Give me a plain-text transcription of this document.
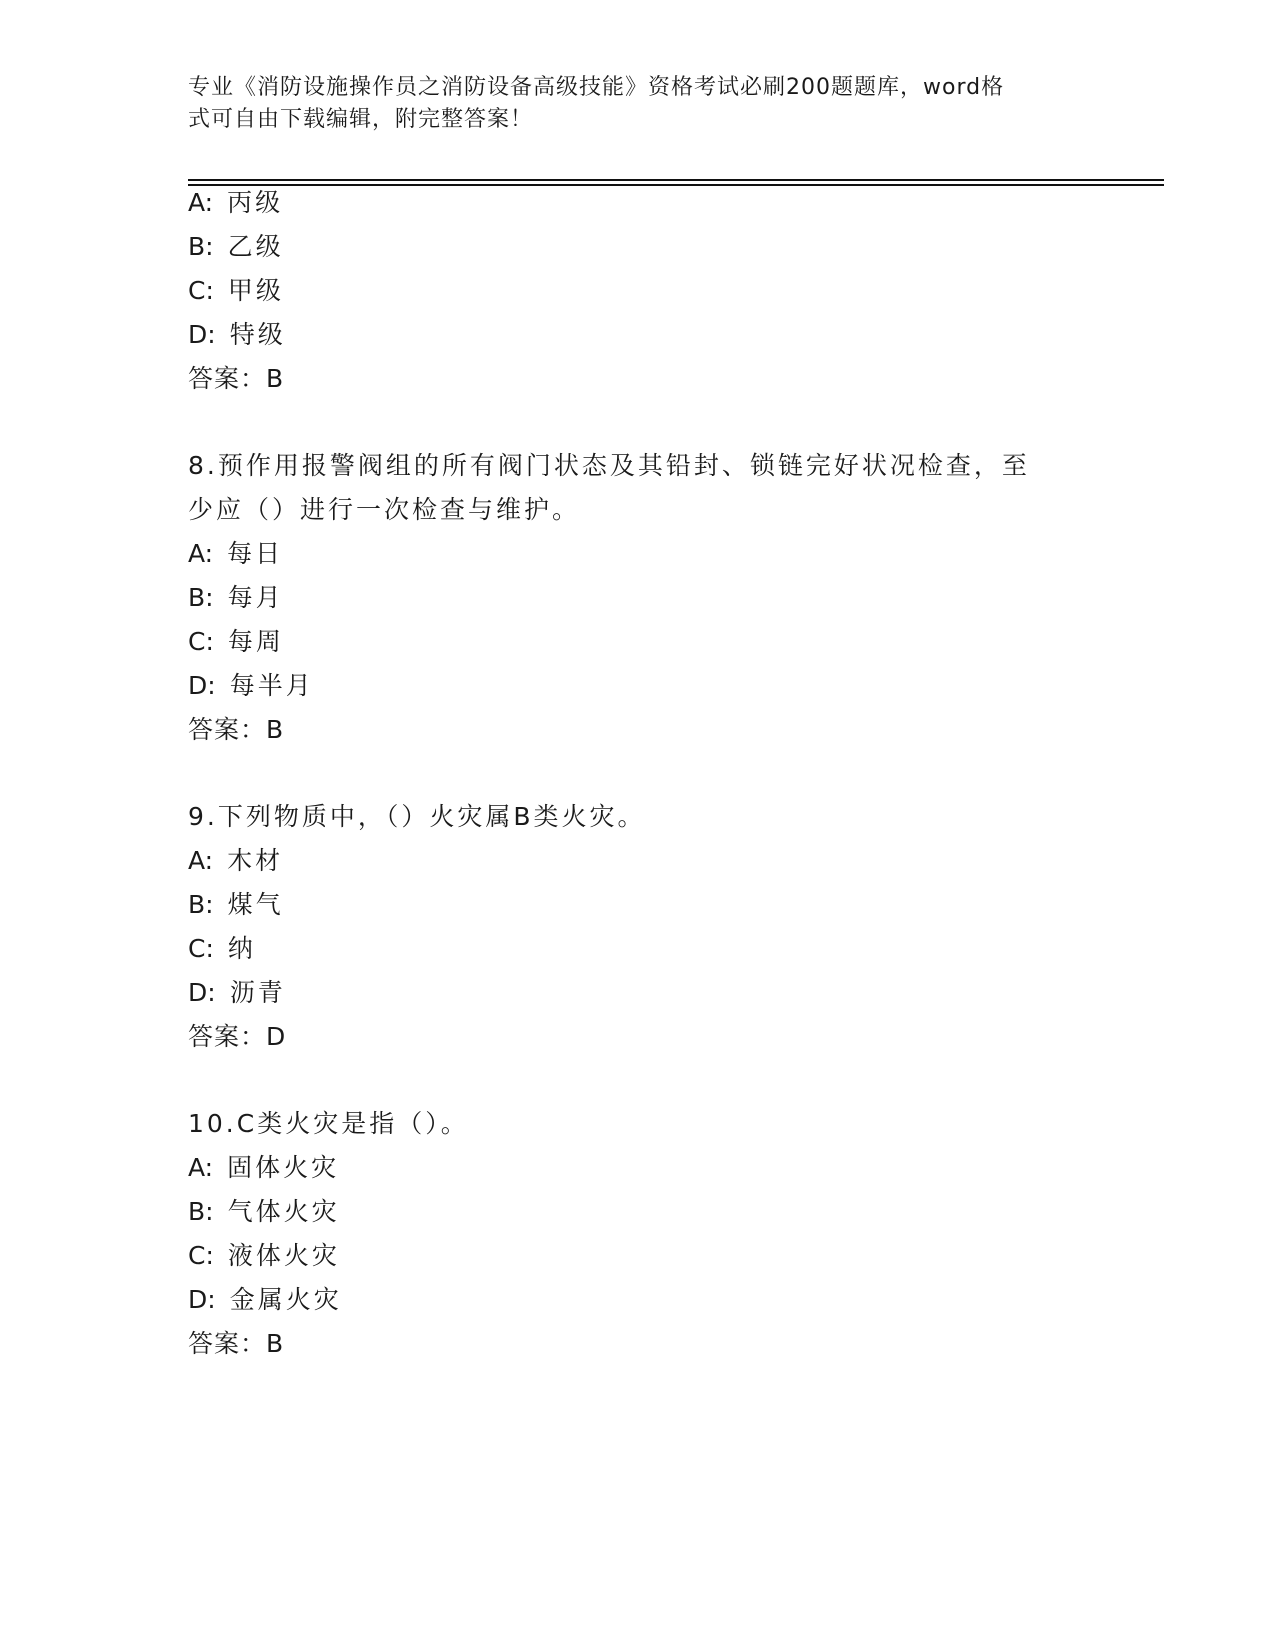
专业《消防设施操作员之消防设备高级技能》资格考试必刷200题题库，word格
式可自由下载编辑，附完整答案！
A: 丙级
B: 乙级
C: 甲级
D: 特级
答案：B
8.预作用报警阀组的所有阀门状态及其铅封、锁链完好状况检查，至
少应（）进行一次检查与维护。
A: 每日
B: 每月
C: 每周
D: 每半月
答案：B
9.下列物质中，（）火灾属B类火灾。
A: 木材
B: 煤气
C: 纳
D: 沥青
答案：D
10.C类火灾是指（）。
A: 固体火灾
B: 气体火灾
C: 液体火灾
D: 金属火灾
答案：B
